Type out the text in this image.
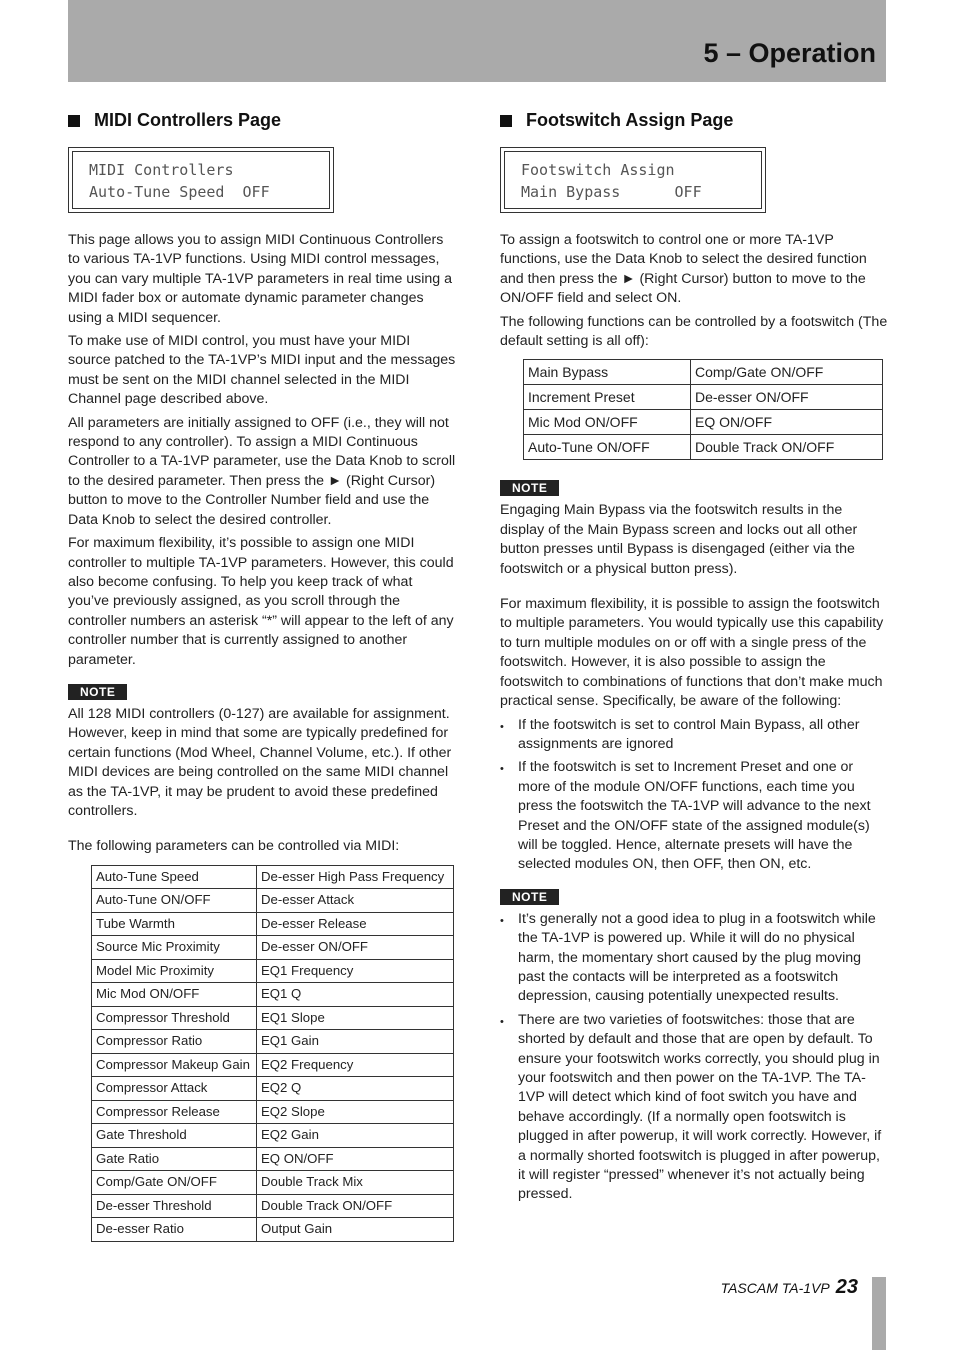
5 – Operation
MIDI Controllers Page
MIDI Controllers
Auto-Tune Speed  OFF

This page allows you to assign MIDI Continuous Controllers to various TA-1VP functions. Using MIDI control messages, you can vary multiple TA-1VP parameters in real time using a MIDI fader box or automate dynamic parameter changes using a MIDI sequencer.

To make use of MIDI control, you must have your MIDI source patched to the TA-1VP’s MIDI input and the messages must be sent on the MIDI channel selected in the MIDI Channel page described above.

All parameters are initially assigned to OFF (i.e., they will not respond to any controller). To assign a MIDI Continuous Controller to a TA-1VP parameter, use the Data Knob to scroll to the desired parameter. Then press the ► (Right Cursor) button to move to the Controller Number field and use the Data Knob to select the desired controller.

For maximum flexibility, it’s possible to assign one MIDI controller to multiple TA-1VP parameters. However, this could also become confusing. To help you keep track of what you’ve previously assigned, as you scroll through the controller numbers an asterisk “*” will appear to the left of any controller number that is currently assigned to another parameter.

NOTE

All 128 MIDI controllers (0-127) are available for assignment. However, keep in mind that some are typically predefined for certain functions (Mod Wheel, Channel Volume, etc.). If other MIDI devices are being controlled on the same MIDI channel as the TA-1VP, it may be prudent to avoid these predefined controllers.

The following parameters can be controlled via MIDI:

Auto-Tune Speed	De-esser High Pass Frequency
Auto-Tune ON/OFF	De-esser Attack
Tube Warmth	De-esser Release
Source Mic Proximity	De-esser ON/OFF
Model Mic Proximity	EQ1 Frequency
Mic Mod ON/OFF	EQ1 Q
Compressor Threshold	EQ1 Slope
Compressor Ratio	EQ1 Gain
Compressor Makeup Gain	EQ2 Frequency
Compressor Attack	EQ2 Q
Compressor Release	EQ2 Slope
Gate Threshold	EQ2 Gain
Gate Ratio	EQ ON/OFF
Comp/Gate ON/OFF	Double Track Mix
De-esser Threshold	Double Track ON/OFF
De-esser Ratio	Output Gain
Footswitch Assign Page
Footswitch Assign
Main Bypass      OFF

To assign a footswitch to control one or more TA-1VP functions, use the Data Knob to select the desired function and then press the ► (Right Cursor) button to move to the ON/OFF field and select ON.

The following functions can be controlled by a footswitch (The default setting is all off):

Main Bypass	Comp/Gate ON/OFF
Increment Preset	De-esser ON/OFF
Mic Mod ON/OFF	EQ ON/OFF
Auto-Tune ON/OFF	Double Track ON/OFF
NOTE

Engaging Main Bypass via the footswitch results in the display of the Main Bypass screen and locks out all other button presses until Bypass is disengaged (either via the footswitch or a physical button press).

For maximum flexibility, it is possible to assign the footswitch to multiple parameters. You would typically use this capability to turn multiple modules on or off with a single press of the footswitch. However, it is also possible to assign the footswitch to combinations of functions that don’t make much practical sense. Specifically, be aware of the following:

• If the footswitch is set to control Main Bypass, all other assignments are ignored
• If the footswitch is set to Increment Preset and one or more of the module ON/OFF functions, each time you press the footswitch the TA-1VP will advance to the next Preset and the ON/OFF state of the assigned module(s) will be toggled. Hence, alternate presets will have the selected modules ON, then OFF, then ON, etc.
NOTE
• It’s generally not a good idea to plug in a footswitch while the TA-1VP is powered up. While it will do no physical harm, the momentary short caused by the plug moving past the contacts will be interpreted as a footswitch depression, causing potentially unexpected results.
• There are two varieties of footswitches: those that are shorted by default and those that are open by default. To ensure your footswitch works correctly, you should plug in your footswitch and then power on the TA-1VP. The TA-1VP will detect which kind of foot switch you have and behave accordingly. (If a normally open footswitch is plugged in after powerup, it will work correctly. However, if a normally shorted footswitch is plugged in after powerup, it will register “pressed” whenever it’s not actually being pressed.
TASCAM TA-1VP 23
